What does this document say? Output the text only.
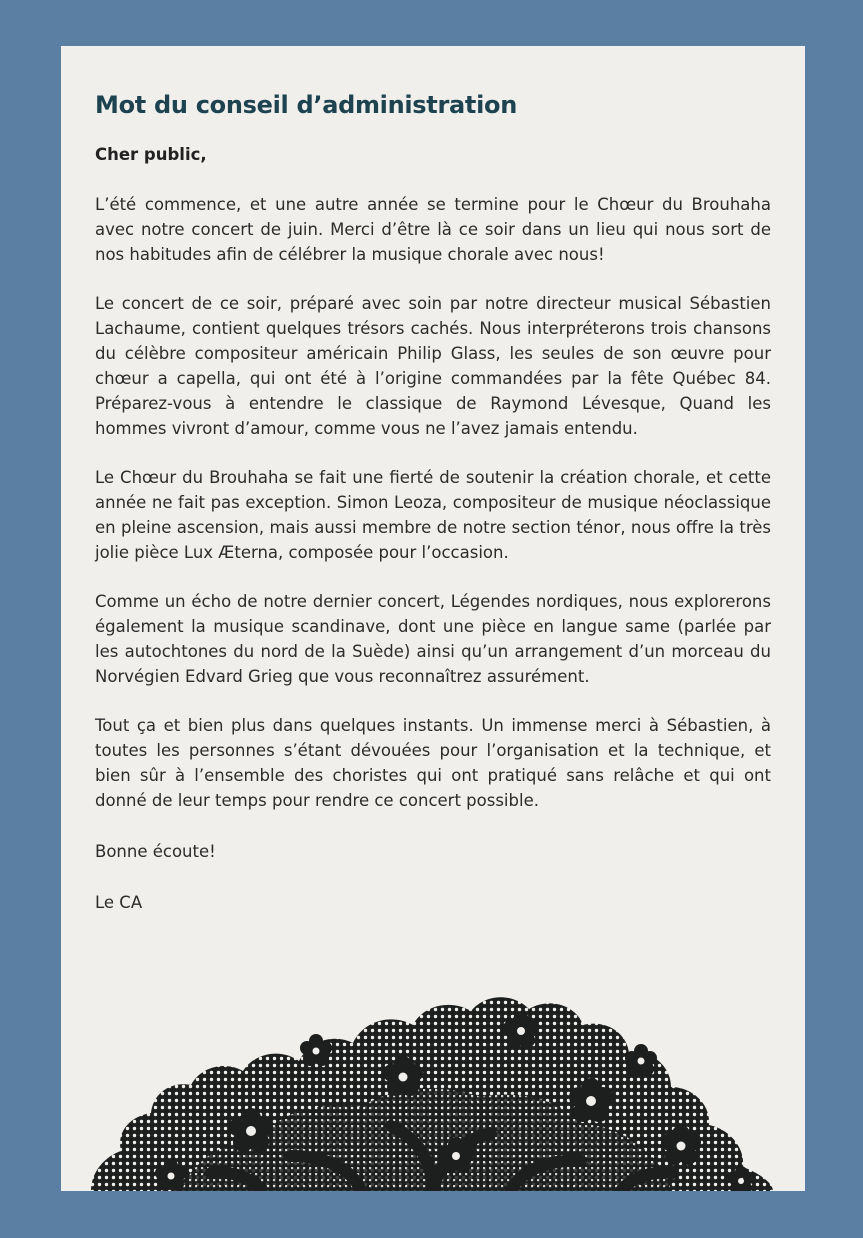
Mot du conseil d’administration
Cher public,

L’été commence, et une autre année se termine pour le Chœur du Brouhaha avec notre concert de juin. Merci d’être là ce soir dans un lieu qui nous sort de nos habitudes afin de célébrer la musique chorale avec nous!

Le concert de ce soir, préparé avec soin par notre directeur musical Sébastien Lachaume, contient quelques trésors cachés. Nous interpréterons trois chansons du célèbre compositeur américain Philip Glass, les seules de son œuvre pour chœur a capella, qui ont été à l’origine commandées par la fête Québec 84. Préparez-vous à entendre le classique de Raymond Lévesque, Quand les hommes vivront d’amour, comme vous ne l’avez jamais entendu.

Le Chœur du Brouhaha se fait une fierté de soutenir la création chorale, et cette année ne fait pas exception. Simon Leoza, compositeur de musique néoclassique en pleine ascension, mais aussi membre de notre section ténor, nous offre la très jolie pièce Lux Æterna, composée pour l’occasion.

Comme un écho de notre dernier concert, Légendes nordiques, nous explorerons également la musique scandinave, dont une pièce en langue same (parlée par les autochtones du nord de la Suède) ainsi qu’un arrangement d’un morceau du Norvégien Edvard Grieg que vous reconnaîtrez assurément.

Tout ça et bien plus dans quelques instants. Un immense merci à Sébastien, à toutes les personnes s’étant dévouées pour l’organisation et la technique, et bien sûr à l’ensemble des choristes qui ont pratiqué sans relâche et qui ont donné de leur temps pour rendre ce concert possible.

Bonne écoute!

Le CA
